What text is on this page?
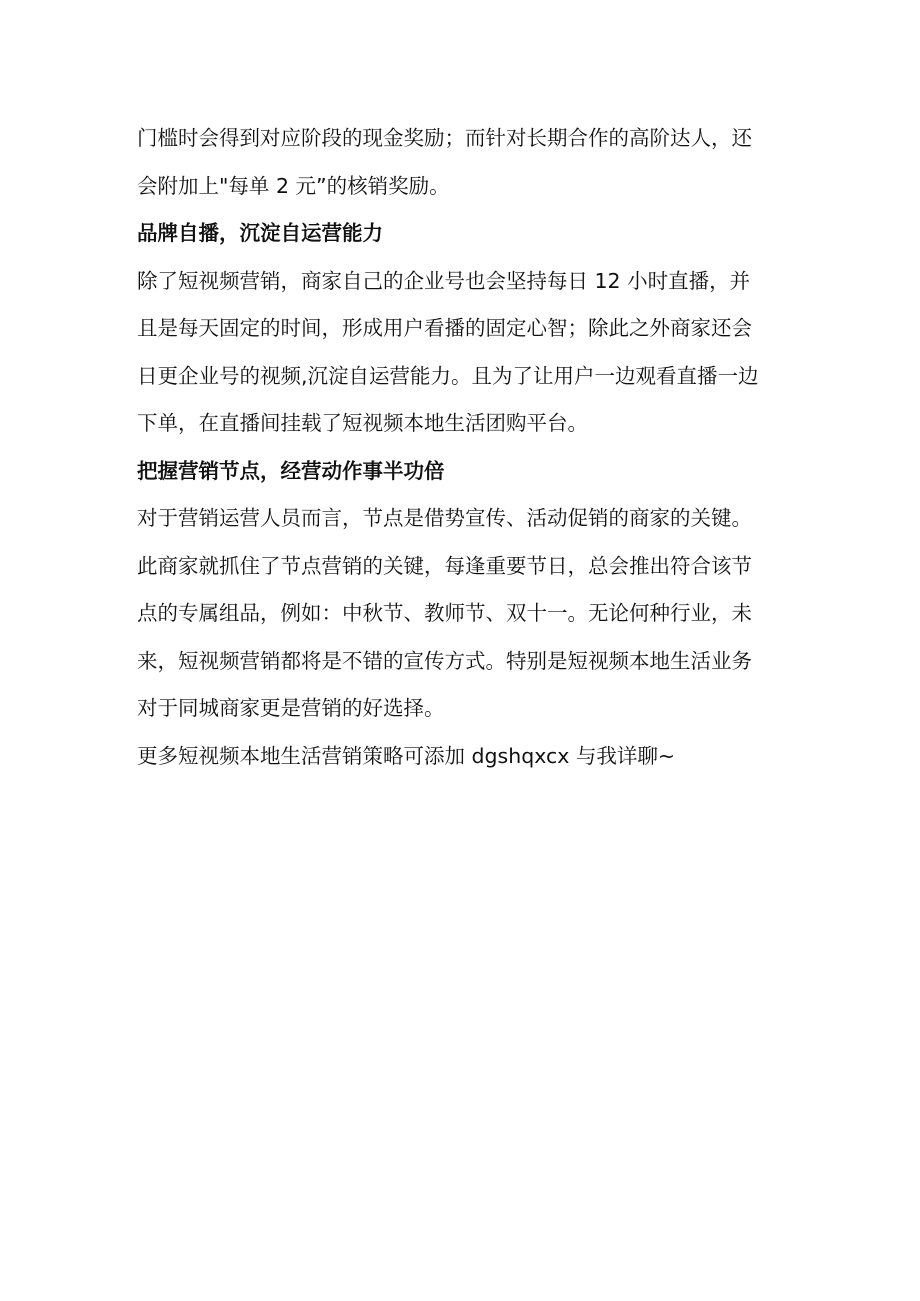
门槛时会得到对应阶段的现金奖励；而针对长期合作的高阶达人，还
会附加上"每单 2 元”的核销奖励。
品牌自播，沉淀自运营能力
除了短视频营销，商家自己的企业号也会坚持每日 12 小时直播，并
且是每天固定的时间，形成用户看播的固定心智；除此之外商家还会
日更企业号的视频,沉淀自运营能力。且为了让用户一边观看直播一边
下单，在直播间挂载了短视频本地生活团购平台。
把握营销节点，经营动作事半功倍
对于营销运营人员而言，节点是借势宣传、活动促销的商家的关键。
此商家就抓住了节点营销的关键，每逢重要节日，总会推出符合该节
点的专属组品，例如：中秋节、教师节、双十一。无论何种行业，未
来，短视频营销都将是不错的宣传方式。特别是短视频本地生活业务
对于同城商家更是营销的好选择。
更多短视频本地生活营销策略可添加 dgshqxcx 与我详聊~
